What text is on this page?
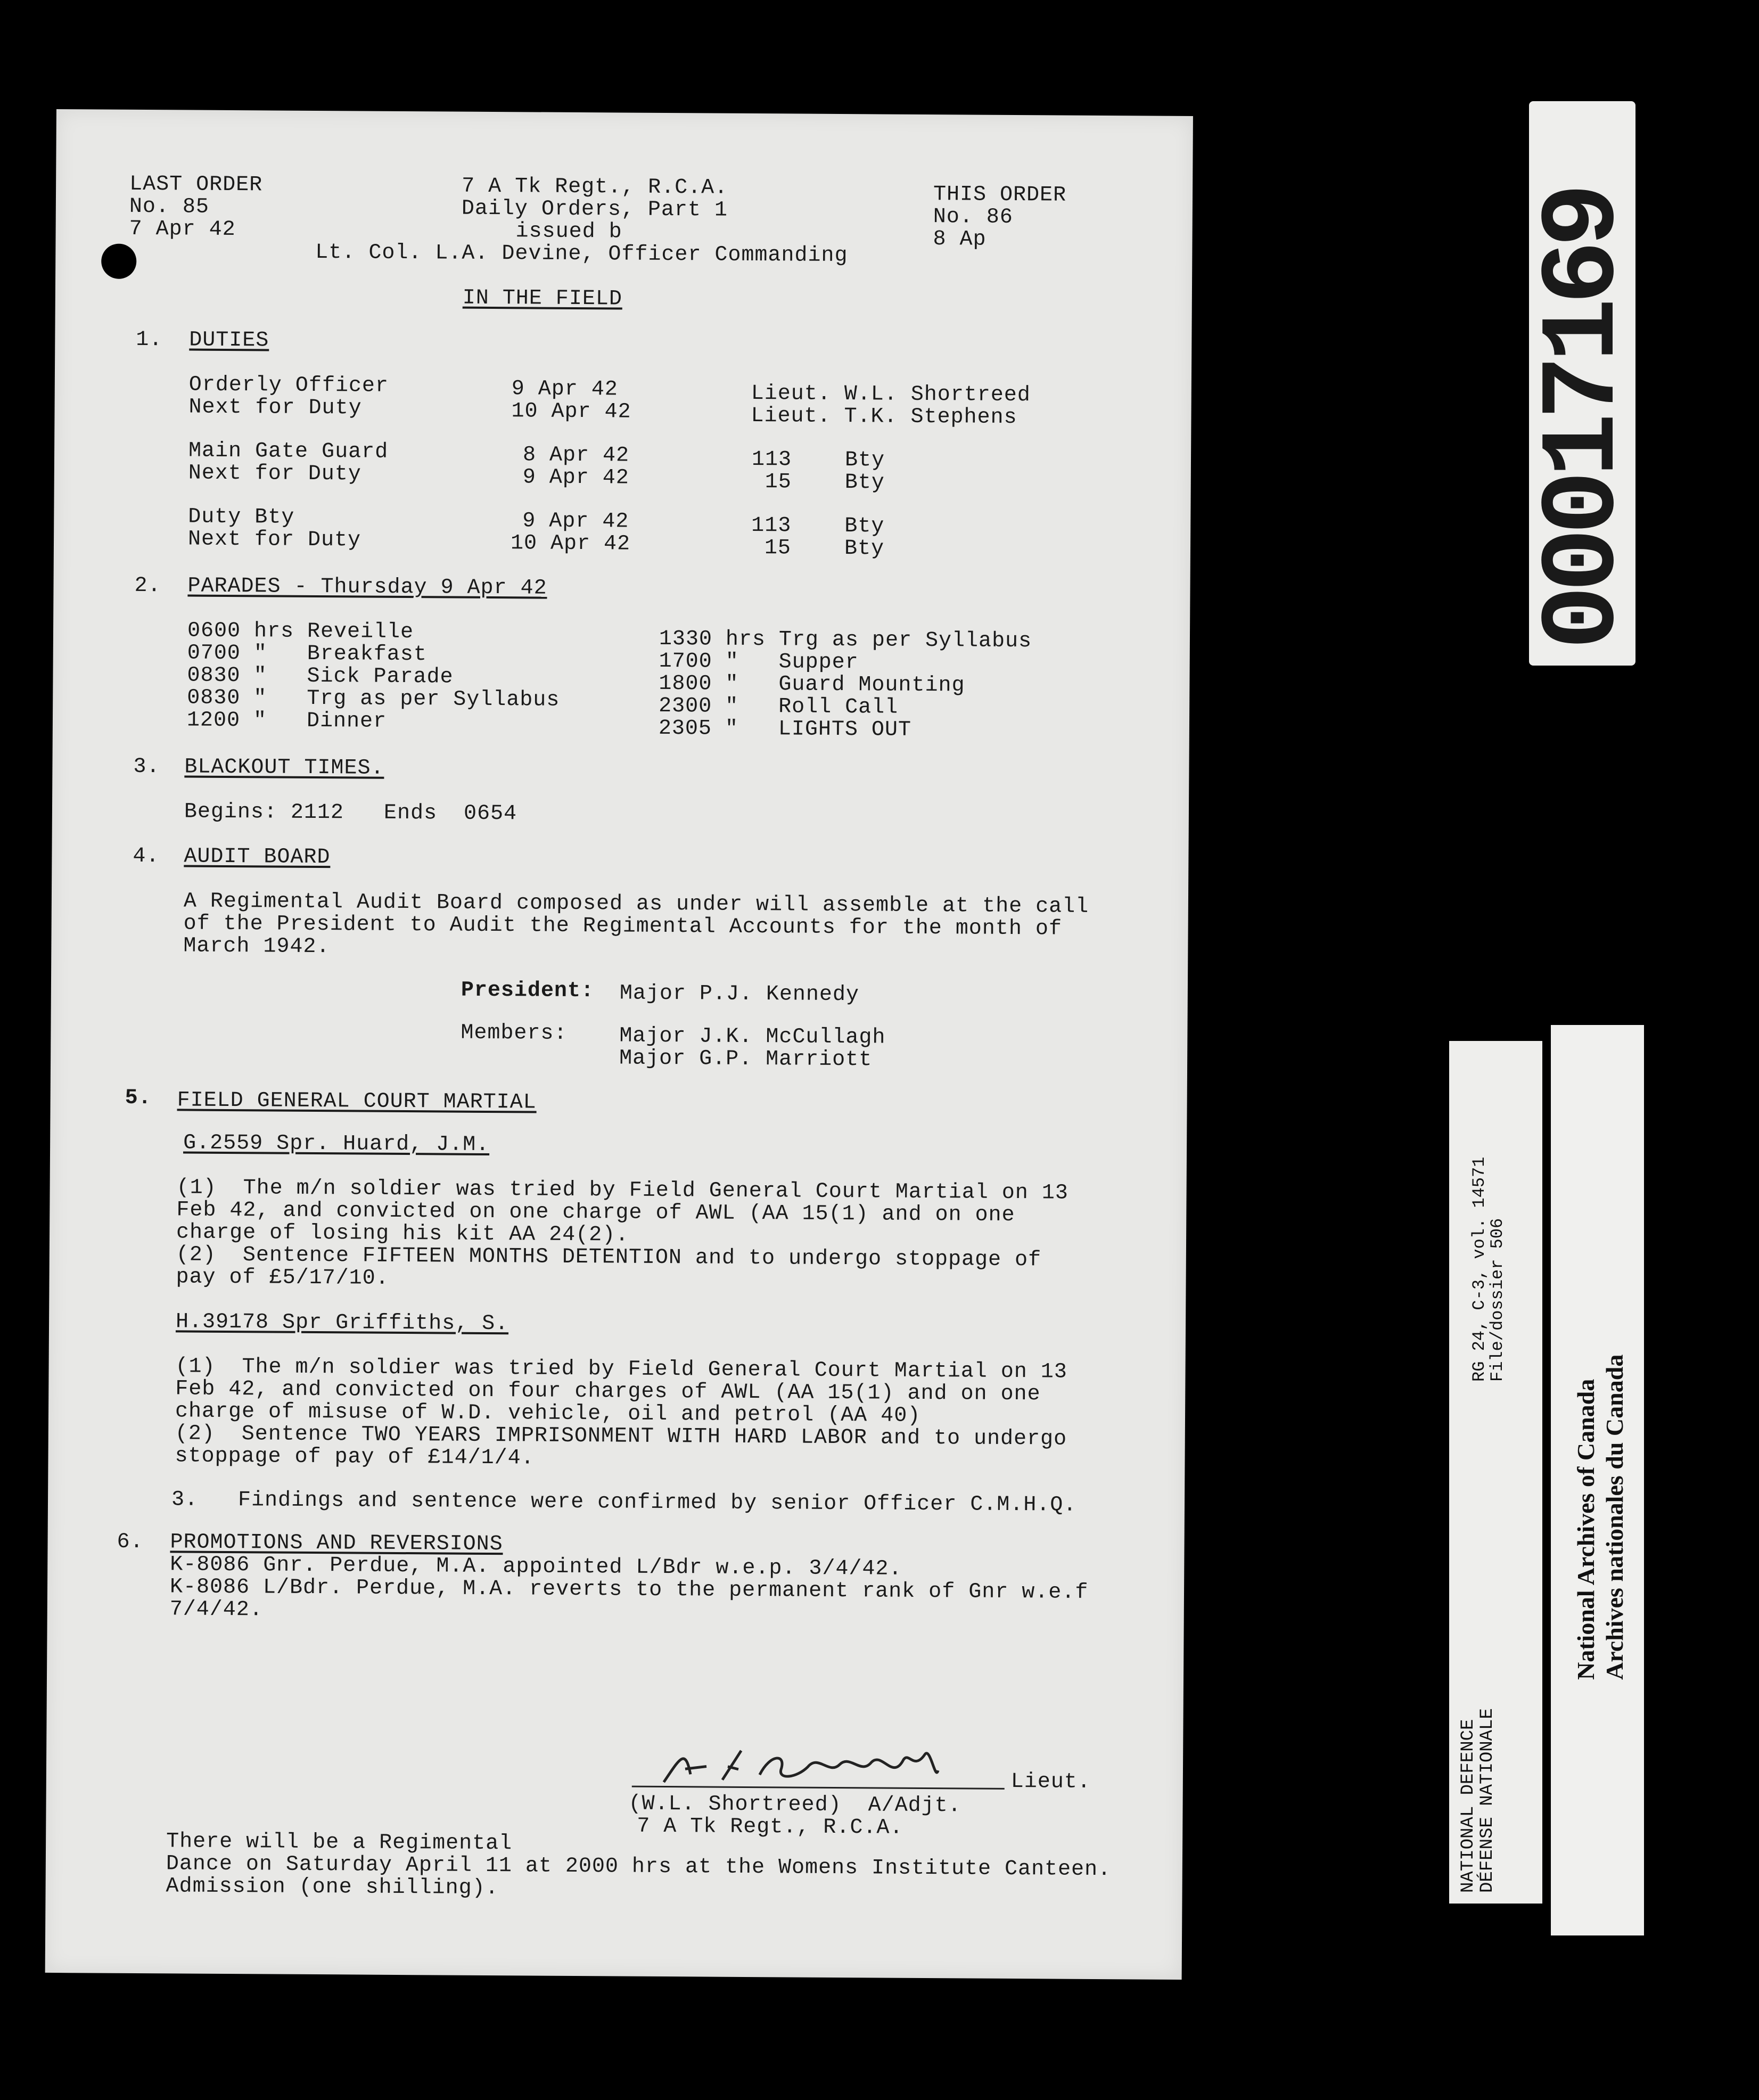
LAST ORDER
No. 85
7 Apr 42
7 A Tk Regt., R.C.A.
Daily Orders, Part 1
issued b
Lt. Col. L.A. Devine, Officer Commanding
THIS ORDER
No. 86
8 Ap
IN THE FIELD
1. DUTIES
Orderly Officer	9 Apr 42	Lieut. W.L. Shortreed
Next for Duty	10 Apr 42	Lieut. T.K. Stephens
Main Gate Guard	8 Apr 42	113    Bty
Next for Duty	9 Apr 42	15    Bty
Duty Bty	9 Apr 42	113    Bty
Next for Duty	10 Apr 42	15    Bty
2. PARADES - Thursday 9 Apr 42
0600 hrs Reveille
0700 "   Breakfast
0830 "   Sick Parade
0830 "   Trg as per Syllabus
1200 "   Dinner
1330 hrs Trg as per Syllabus
1700 "   Supper
1800 "   Guard Mounting
2300 "   Roll Call
2305 "   LIGHTS OUT
3. BLACKOUT TIMES.
Begins: 2112   Ends  0654
4. AUDIT BOARD
A Regimental Audit Board composed as under will assemble at the call
of the President to Audit the Regimental Accounts for the month of
March 1942.
President: Major P.J. Kennedy
Members: Major J.K. McCullagh
Major G.P. Marriott
5. FIELD GENERAL COURT MARTIAL
G.2559 Spr. Huard, J.M.
(1)  The m/n soldier was tried by Field General Court Martial on 13
Feb 42, and convicted on one charge of AWL (AA 15(1) and on one
charge of losing his kit AA 24(2).
(2)  Sentence FIFTEEN MONTHS DETENTION and to undergo stoppage of
pay of £5/17/10.
H.39178 Spr Griffiths, S.
(1)  The m/n soldier was tried by Field General Court Martial on 13
Feb 42, and convicted on four charges of AWL (AA 15(1) and on one
charge of misuse of W.D. vehicle, oil and petrol (AA 40)
(2)  Sentence TWO YEARS IMPRISONMENT WITH HARD LABOR and to undergo
stoppage of pay of £14/1/4.
3.   Findings and sentence were confirmed by senior Officer C.M.H.Q.
6. PROMOTIONS AND REVERSIONS
K-8086 Gnr. Perdue, M.A. appointed L/Bdr w.e.p. 3/4/42.
K-8086 L/Bdr. Perdue, M.A. reverts to the permanent rank of Gnr w.e.f
7/4/42.
Lieut.
(W.L. Shortreed)  A/Adjt.
7 A Tk Regt., R.C.A.
There will be a Regimental
Dance on Saturday April 11 at 2000 hrs at the Womens Institute Canteen.
Admission (one shilling).
00017169
NATIONAL DEFENCE
DÉFENSE NATIONALE
RG 24, C-3, vol. 14571
File/dossier 506
National Archives of Canada Archives nationales du Canada
